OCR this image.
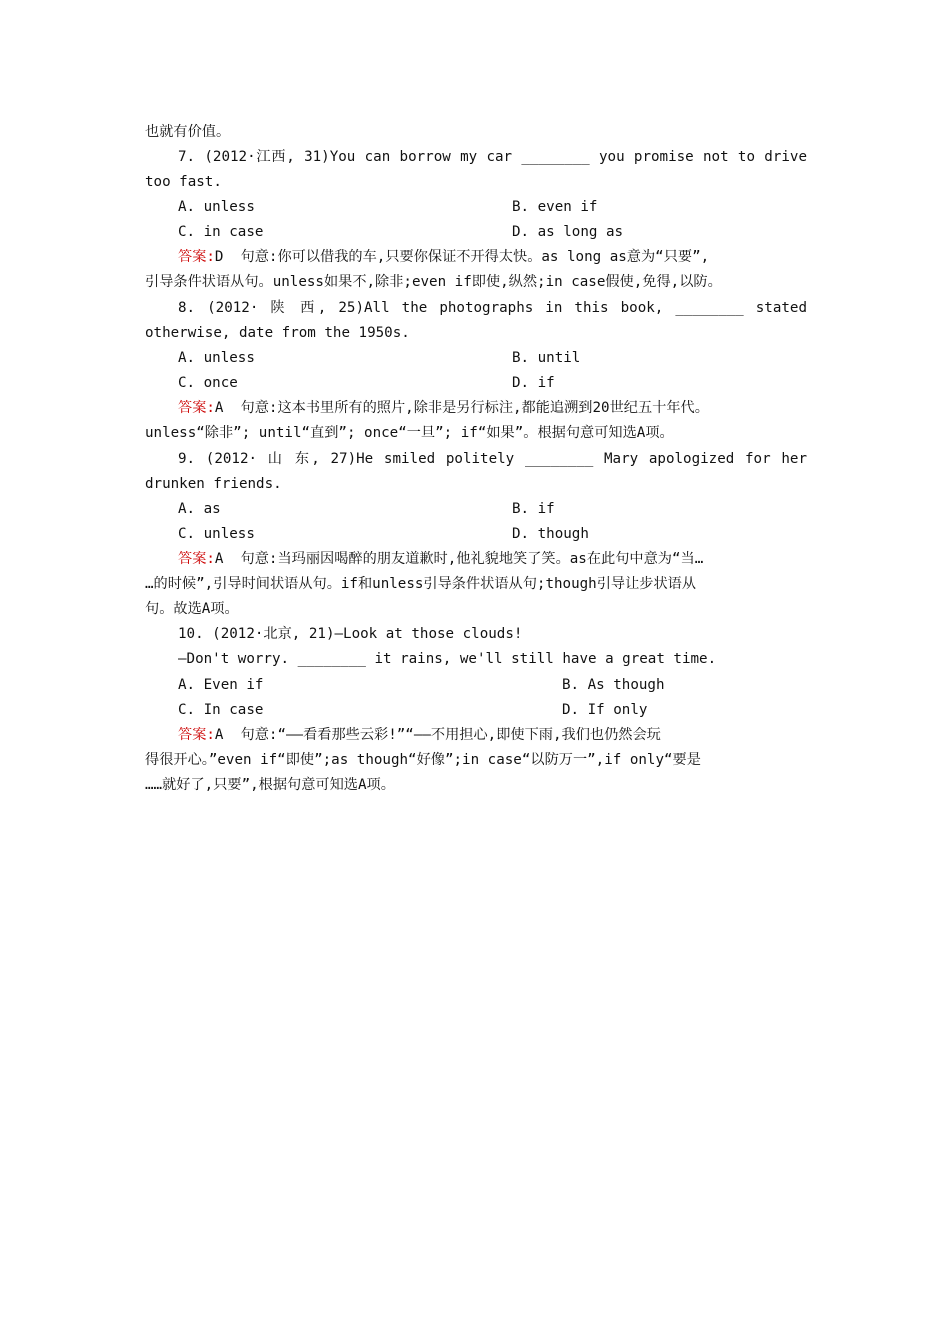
也就有价值。
7. (2012·江西, 31)You can borrow my car ________ you promise not to drive
too fast.
A. unless	B. even if
C. in case	D. as long as
答案:D  句意:你可以借我的车,只要你保证不开得太快。as long as意为“只要”,
引导条件状语从句。unless如果不,除非;even if即使,纵然;in case假使,免得,以防。
8. (2012· 陕 西, 25)All the photographs in this book, ________ stated
otherwise, date from the 1950s.
A. unless	B. until
C. once	D. if
答案:A  句意:这本书里所有的照片,除非是另行标注,都能追溯到20世纪五十年代。
unless“除非”; until“直到”; once“一旦”; if“如果”。根据句意可知选A项。
9. (2012· 山 东, 27)He smiled politely ________ Mary apologized for her
drunken friends.
A. as	B. if
C. unless	D. though
答案:A  句意:当玛丽因喝醉的朋友道歉时,他礼貌地笑了笑。as在此句中意为“当…
…的时候”,引导时间状语从句。if和unless引导条件状语从句;though引导让步状语从
句。故选A项。
10. (2012·北京, 21)—Look at those clouds!
—Don't worry. ________ it rains, we'll still have a great time.
A. Even if	B. As though
C. In case	D. If only
答案:A  句意:“——看看那些云彩!”“——不用担心,即使下雨,我们也仍然会玩
得很开心。”even if“即使”;as though“好像”;in case“以防万一”,if only“要是
……就好了,只要”,根据句意可知选A项。
